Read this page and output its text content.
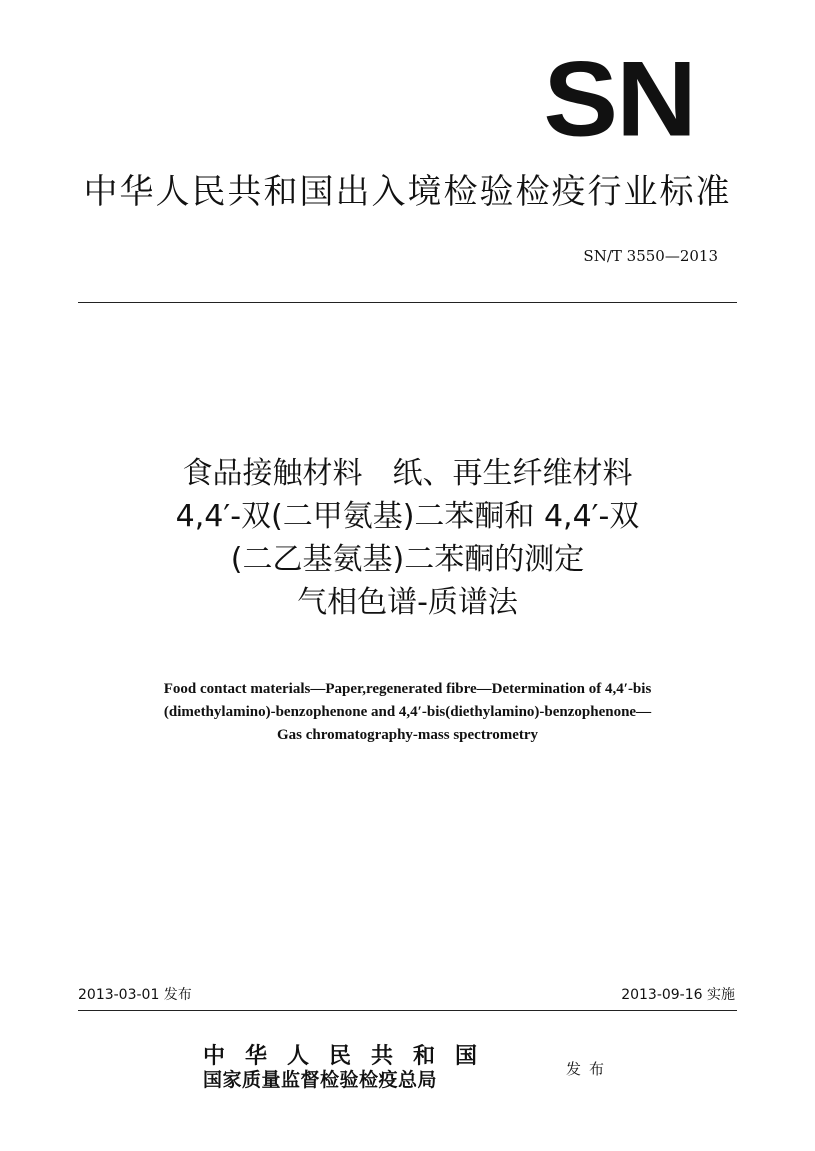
SN
中华人民共和国出入境检验检疫行业标准
SN/T 3550—2013
食品接触材料　纸、再生纤维材料
4,4′-双(二甲氨基)二苯酮和 4,4′-双
(二乙基氨基)二苯酮的测定
气相色谱-质谱法
Food contact materials—Paper,regenerated fibre—Determination of 4,4′-bis
(dimethylamino)-benzophenone and 4,4′-bis(diethylamino)-benzophenone—
Gas chromatography-mass spectrometry
2013-03-01 发布	2013-09-16 实施
中华人民共和国
国家质量监督检验检疫总局	发布
